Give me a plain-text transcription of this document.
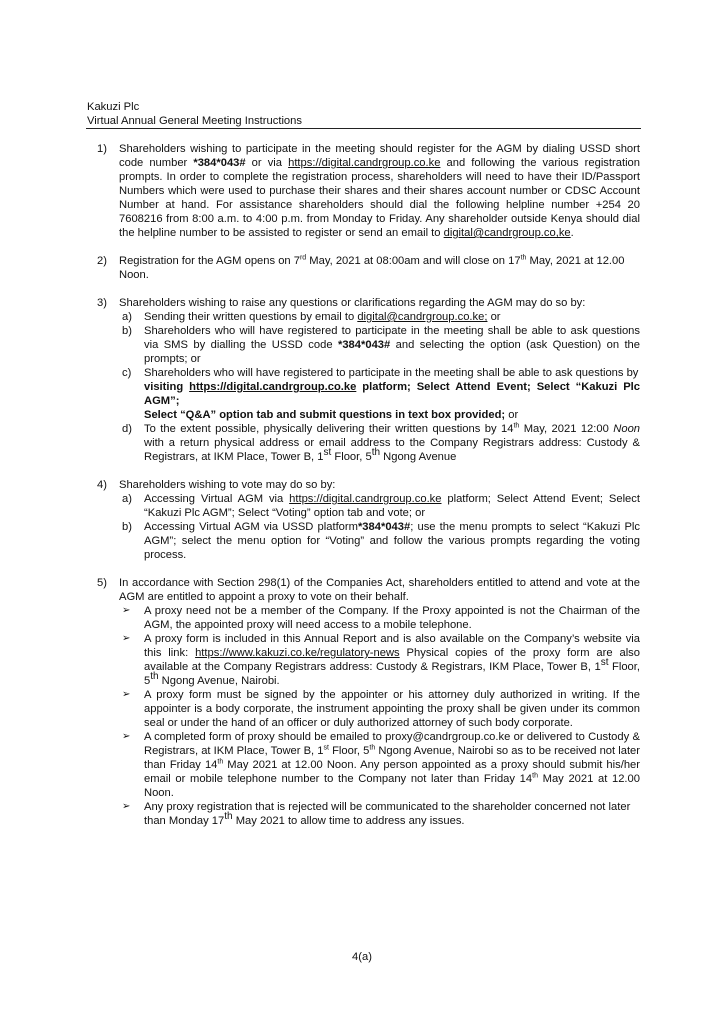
Kakuzi Plc
Virtual Annual General Meeting Instructions
1) Shareholders wishing to participate in the meeting should register for the AGM by dialing USSD short code number *384*043# or via https://digital.candrgroup.co.ke and following the various registration prompts. In order to complete the registration process, shareholders will need to have their ID/Passport Numbers which were used to purchase their shares and their shares account number or CDSC Account Number at hand. For assistance shareholders should dial the following helpline number +254 20 7608216 from 8:00 a.m. to 4:00 p.m. from Monday to Friday. Any shareholder outside Kenya should dial the helpline number to be assisted to register or send an email to digital@candrgroup.co,ke.
2) Registration for the AGM opens on 7rd May, 2021 at 08:00am and will close on 17th May, 2021 at 12.00 Noon.
3) Shareholders wishing to raise any questions or clarifications regarding the AGM may do so by:
a) Sending their written questions by email to digital@candrgroup.co.ke; or
b) Shareholders who will have registered to participate in the meeting shall be able to ask questions via SMS by dialling the USSD code *384*043# and selecting the option (ask Question) on the prompts; or
c) Shareholders who will have registered to participate in the meeting shall be able to ask questions by
visiting https://digital.candrgroup.co.ke platform; Select Attend Event; Select “Kakuzi Plc AGM”;
Select “Q&A” option tab and submit questions in text box provided; or
d) To the extent possible, physically delivering their written questions by 14th May, 2021 12:00 Noon with a return physical address or email address to the Company Registrars address: Custody & Registrars, at IKM Place, Tower B, 1st Floor, 5th Ngong Avenue
4) Shareholders wishing to vote may do so by:
a) Accessing Virtual AGM via https://digital.candrgroup.co.ke platform; Select Attend Event; Select “Kakuzi Plc AGM”; Select “Voting” option tab and vote; or
b) Accessing Virtual AGM via USSD platform*384*043#; use the menu prompts to select “Kakuzi Plc AGM”; select the menu option for “Voting” and follow the various prompts regarding the voting process.
5) In accordance with Section 298(1) of the Companies Act, shareholders entitled to attend and vote at the AGM are entitled to appoint a proxy to vote on their behalf.
➢ A proxy need not be a member of the Company. If the Proxy appointed is not the Chairman of the AGM, the appointed proxy will need access to a mobile telephone.
➢ A proxy form is included in this Annual Report and is also available on the Company’s website via this link: https://www.kakuzi.co.ke/regulatory-news Physical copies of the proxy form are also available at the Company Registrars address: Custody & Registrars, IKM Place, Tower B, 1st Floor, 5th Ngong Avenue, Nairobi.
➢ A proxy form must be signed by the appointer or his attorney duly authorized in writing. If the appointer is a body corporate, the instrument appointing the proxy shall be given under its common seal or under the hand of an officer or duly authorized attorney of such body corporate.
➢ A completed form of proxy should be emailed to proxy@candrgroup.co.ke or delivered to Custody & Registrars, at IKM Place, Tower B, 1st Floor, 5th Ngong Avenue, Nairobi so as to be received not later than Friday 14th May 2021 at 12.00 Noon. Any person appointed as a proxy should submit his/her email or mobile telephone number to the Company not later than Friday 14th May 2021 at 12.00 Noon.
➢ Any proxy registration that is rejected will be communicated to the shareholder concerned not later than Monday 17th May 2021 to allow time to address any issues.
4(a)
